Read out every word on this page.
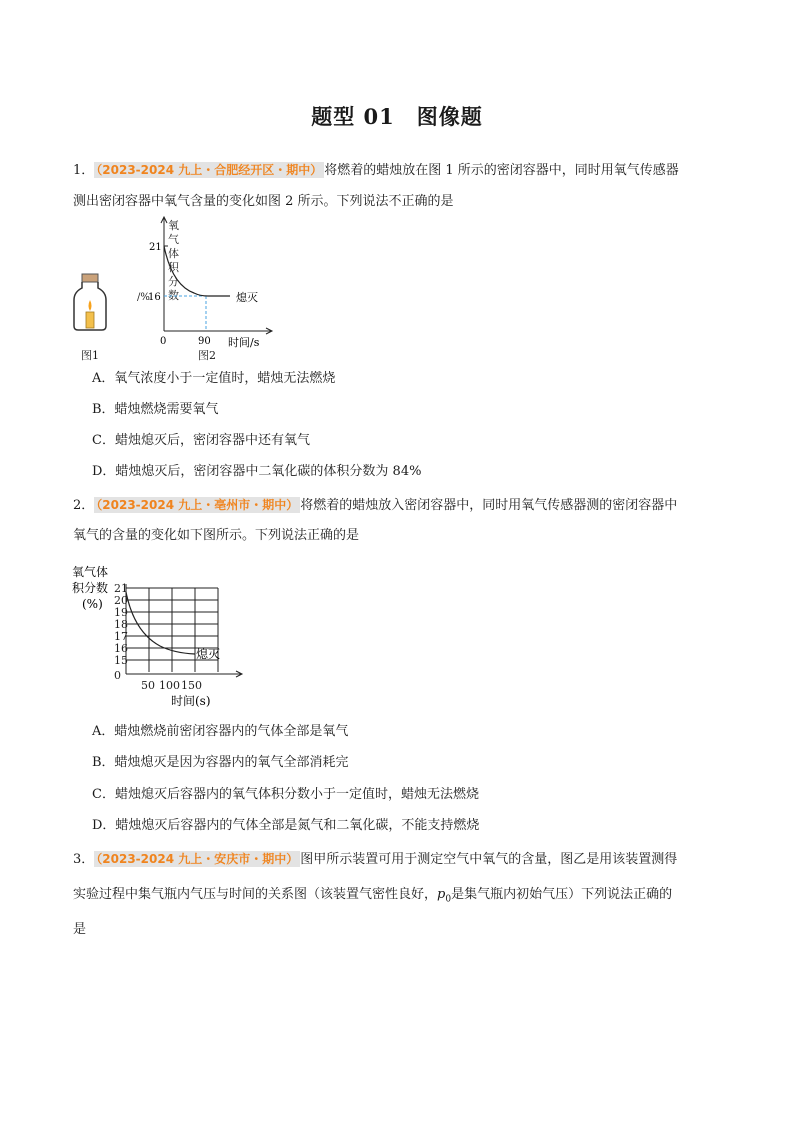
题型 01 图像题
1． （2023-2024 九上・合肥经开区・期中） 将燃着的蜡烛放在图 1 所示的密闭容器中，同时用氧气传感器
测出密闭容器中氧气含量的变化如图 2 所示。下列说法不正确的是
氧
气
体
积
分
数
/%
21
16	熄灭
0	90 时间/s
图1	图2
A．氧气浓度小于一定值时，蜡烛无法燃烧
B．蜡烛燃烧需要氧气
C．蜡烛熄灭后，密闭容器中还有氧气
D．蜡烛熄灭后，密闭容器中二氧化碳的体积分数为 84%
2． （2023-2024 九上・亳州市・期中） 将燃着的蜡烛放入密闭容器中，同时用氧气传感器测的密闭容器中
氧气的含量的变化如下图所示。下列说法正确的是
氧气体
积分数
(%)
21
20
19
18
17
16
15
0
50 100 150
时间(s)
熄灭
A．蜡烛燃烧前密闭容器内的气体全部是氧气
B．蜡烛熄灭是因为容器内的氧气全部消耗完
C．蜡烛熄灭后容器内的氧气体积分数小于一定值时，蜡烛无法燃烧
D．蜡烛熄灭后容器内的气体全部是氮气和二氧化碳，不能支持燃烧
3． （2023-2024 九上・安庆市・期中） 图甲所示装置可用于测定空气中氧气的含量，图乙是用该装置测得
实验过程中集气瓶内气压与时间的关系图（该装置气密性良好，$p_0$是集气瓶内初始气压）下列说法正确的
是
